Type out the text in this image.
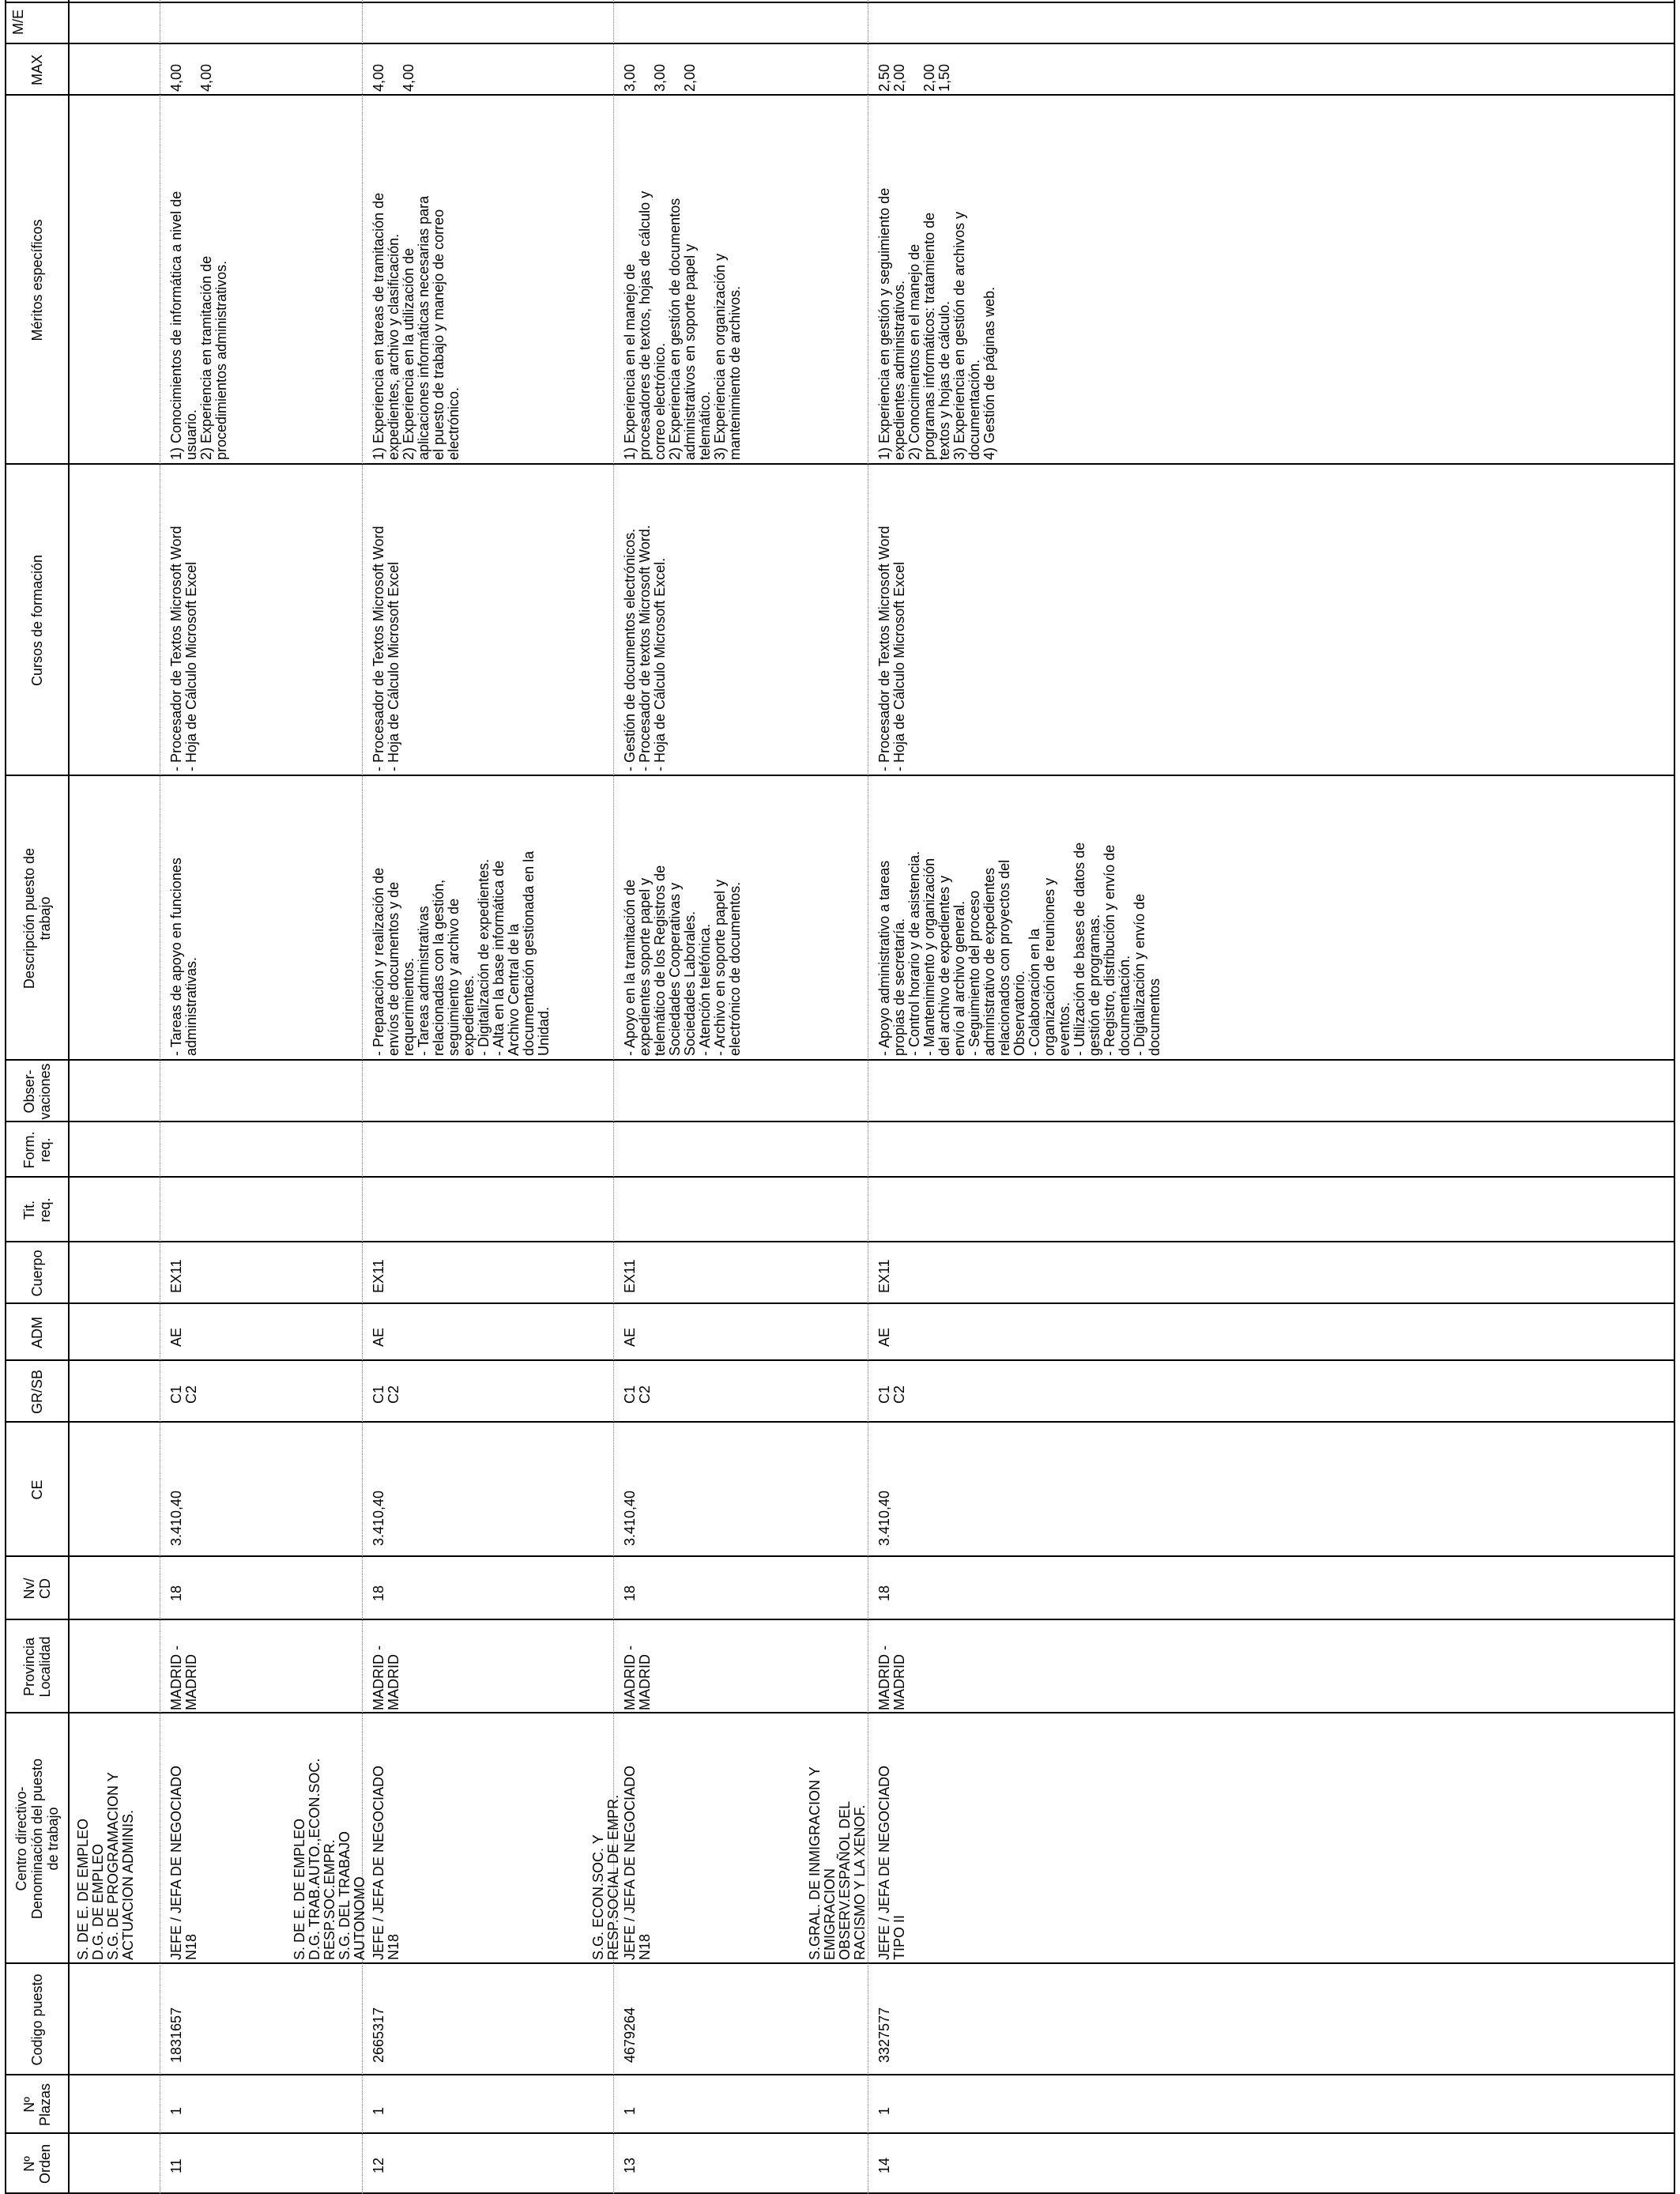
Nº Orden
Nº Plazas
Codigo puesto
Centro directivo-
Denominación del puesto
de trabajo
Provincia
Localidad
Nv/
CD
CE
GR/SB
ADM
Cuerpo
Tit.
req.
Form.
req.
Obser-
vaciones
Descripción puesto de
trabajo
Cursos de formación
Méritos específicos
MAX
M/E
S. DE E. DE EMPLEO
D.G. DE EMPLEO
S.G. DE PROGRAMACION Y
ACTUACION ADMINIS.
11
1
1831657
JEFE / JEFA DE NEGOCIADO
N18
MADRID -
MADRID
18
3.410,40
C1
C2
AE
EX11
- Tareas de apoyo en funciones
administrativas.
- Procesador de Textos Microsoft Word
- Hoja de Cálculo Microsoft Excel
1) Conocimientos de informática a nivel de
usuario.
2) Experiencia en tramitación de
procedimientos administrativos.
4,00

4,00
S. DE E. DE EMPLEO
D.G. TRAB.AUTO.,ECON.SOC.
RESP.SOC.EMPR.
S.G. DEL TRABAJO
AUTONOMO
12
1
2665317
JEFE / JEFA DE NEGOCIADO
N18
MADRID -
MADRID
18
3.410,40
C1
C2
AE
EX11
- Preparación y realización de
envíos de documentos y de
requerimientos.
- Tareas administrativas
relacionadas con la gestión,
seguimiento y archivo de
expedientes.
- Digitalización de expedientes.
- Alta en la base informática de
Archivo Central de la
documentación gestionada en la
Unidad.
- Procesador de Textos Microsoft Word
- Hoja de Cálculo Microsoft Excel
1) Experiencia en tareas de tramitación de
expedientes, archivo y clasificación.
2) Experiencia en la utilización de
aplicaciones informáticas necesarias para
el puesto de trabajo y manejo de correo
electrónico.
4,00

4,00
S.G. ECON.SOC. Y
RESP.SOCIAL DE EMPR.
13
1
4679264
JEFE / JEFA DE NEGOCIADO
N18
MADRID -
MADRID
18
3.410,40
C1
C2
AE
EX11
- Apoyo en la tramitación de
expedientes soporte papel y
telemático de los Registros de
Sociedades Cooperativas y
Sociedades Laborales.
- Atención telefónica.
- Archivo en soporte papel y
electrónico de documentos.
- Gestión de documentos electrónicos.
- Procesador de textos Microsoft Word.
- Hoja de Cálculo Microsoft Excel.
1) Experiencia en el manejo de
procesadores de textos, hojas de cálculo y
correo electrónico.
2) Experiencia en gestión de documentos
administrativos en soporte papel y
telemático.
3) Experiencia en organización y
mantenimiento de archivos.
3,00

3,00

2,00
S.GRAL. DE INMIGRACION Y
EMIGRACION
OBSERV.ESPAÑOL DEL
RACISMO Y LA XENOF.
14
1
3327577
JEFE / JEFA DE NEGOCIADO
TIPO II
MADRID -
MADRID
18
3.410,40
C1
C2
AE
EX11
- Apoyo administrativo a tareas
propias de secretaría.
- Control horario y de asistencia.
- Mantenimiento y organización
del archivo de expedientes y
envío al archivo general.
- Seguimiento del proceso
administrativo de expedientes
relacionados con proyectos del
Observatorio.
- Colaboración en la
organización de reuniones y
eventos.
- Utilización de bases de datos de
gestión de programas.
- Registro, distribución y envío de
documentación.
- Digitalización y envío de
documentos
- Procesador de Textos Microsoft Word
- Hoja de Cálculo Microsoft Excel
1) Experiencia en gestión y seguimiento de
expedientes administrativos.
2) Conocimientos en el manejo de
programas informáticos: tratamiento de
textos y hojas de cálculo.
3) Experiencia en gestión de archivos y
documentación.
4) Gestión de páginas web.
2,50
2,00

2,00
1,50
